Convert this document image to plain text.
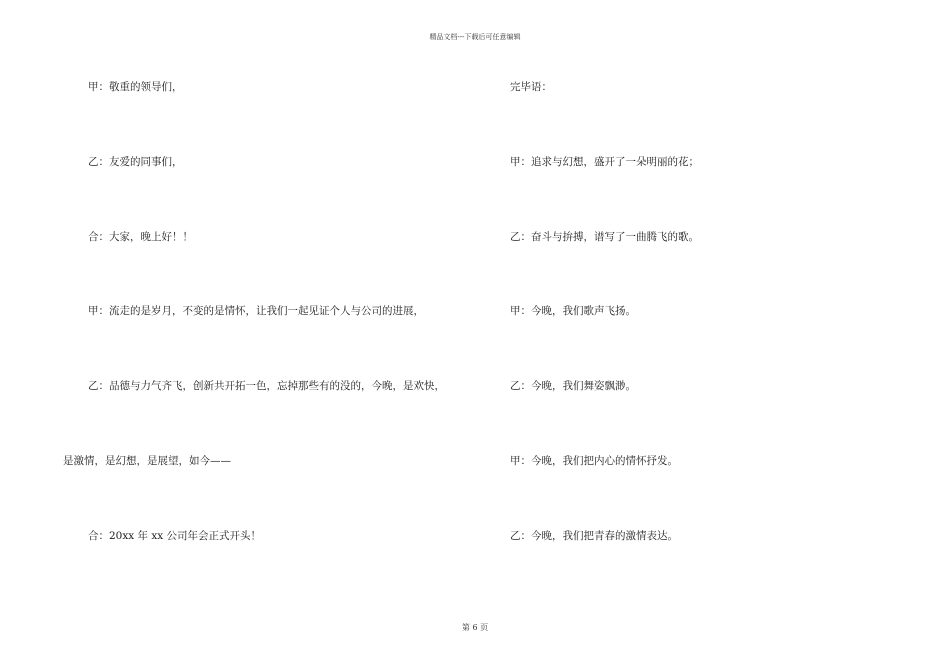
精品文档---下载后可任意编辑
甲：敬重的领导们，
乙：友爱的同事们，
合：大家，晚上好！！
甲：流走的是岁月，不变的是情怀，让我们一起见证个人与公司的进展，
乙：品德与力气齐飞，创新共开拓一色，忘掉那些有的没的，今晚，是欢快，
是激情，是幻想，是展望，如今——
合：20xx 年 xx 公司年会正式开头！
完毕语：
甲：追求与幻想，盛开了一朵明丽的花；
乙：奋斗与拚搏，谱写了一曲腾飞的歌。
甲：今晚，我们歌声飞扬。
乙：今晚，我们舞姿飘渺。
甲：今晚，我们把内心的情怀抒发。
乙：今晚，我们把青春的激情表达。
第 6 页
